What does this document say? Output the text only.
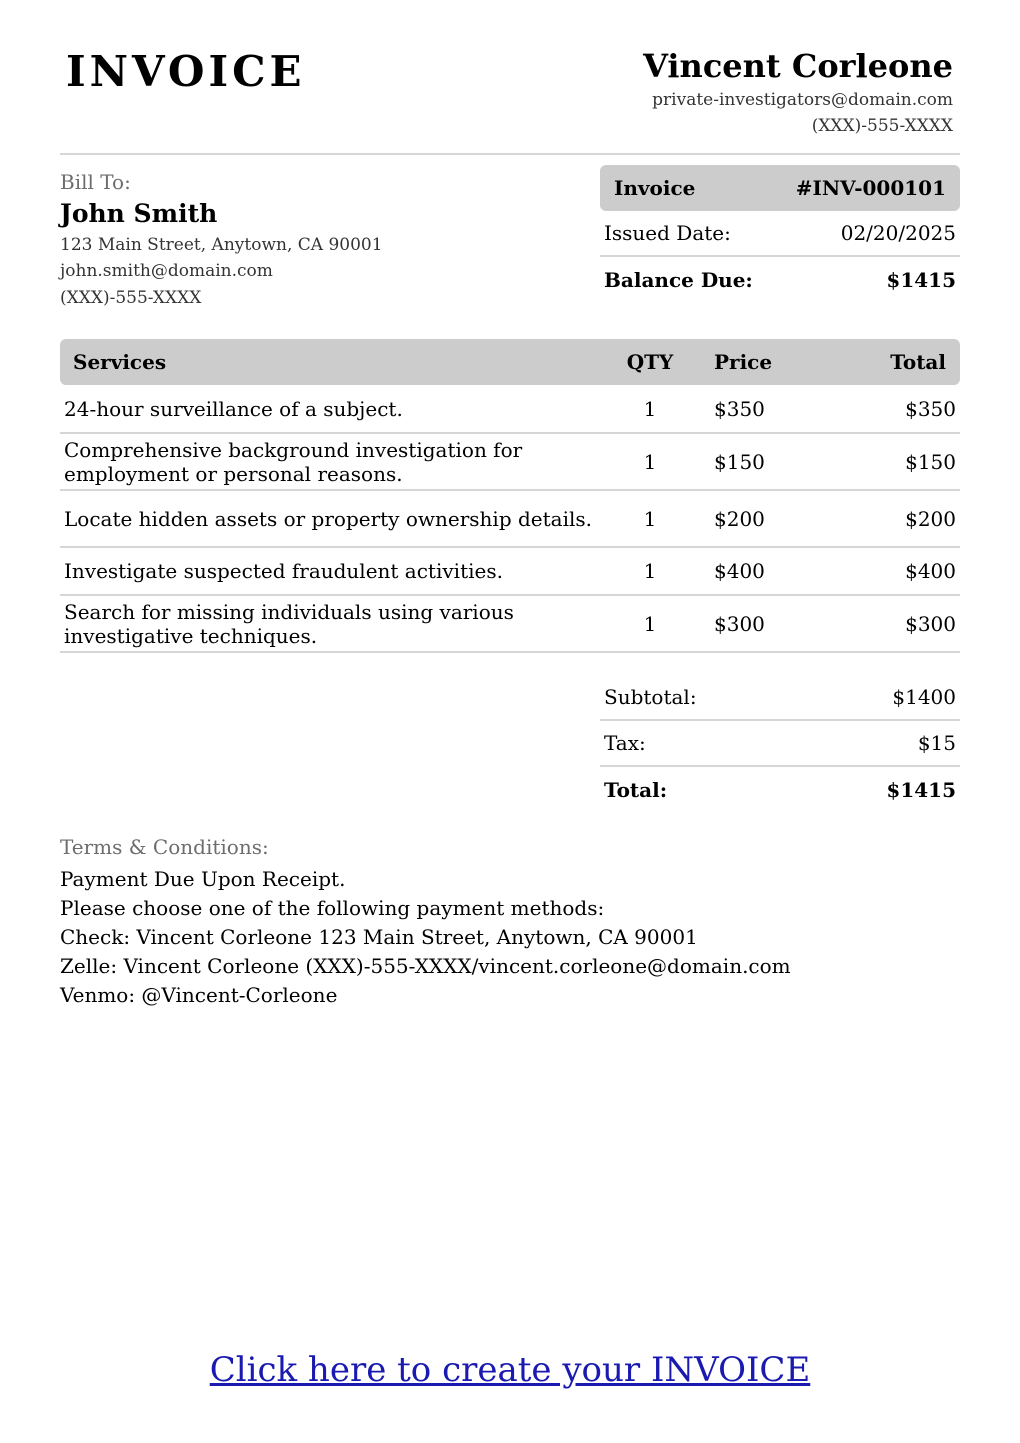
INVOICE	Vincent Corleone
private-investigators@domain.com
(XXX)-555-XXXX
Bill To:
John Smith
123 Main Street, Anytown, CA 90001
john.smith@domain.com
(XXX)-555-XXXX
Invoice	#INV-000101
Issued Date:	02/20/2025
Balance Due:	$1415
Services	QTY	Price	Total
24-hour surveillance of a subject.	1	$350	$350
Comprehensive background investigation for employment or personal reasons.	1	$150	$150
Locate hidden assets or property ownership details.	1	$200	$200
Investigate suspected fraudulent activities.	1	$400	$400
Search for missing individuals using various investigative techniques.	1	$300	$300
Subtotal:	$1400
Tax:	$15
Total:	$1415
Terms & Conditions:
Payment Due Upon Receipt.
Please choose one of the following payment methods:
Check: Vincent Corleone 123 Main Street, Anytown, CA 90001
Zelle: Vincent Corleone (XXX)-555-XXXX/vincent.corleone@domain.com
Venmo: @Vincent-Corleone
Click here to create your INVOICE
